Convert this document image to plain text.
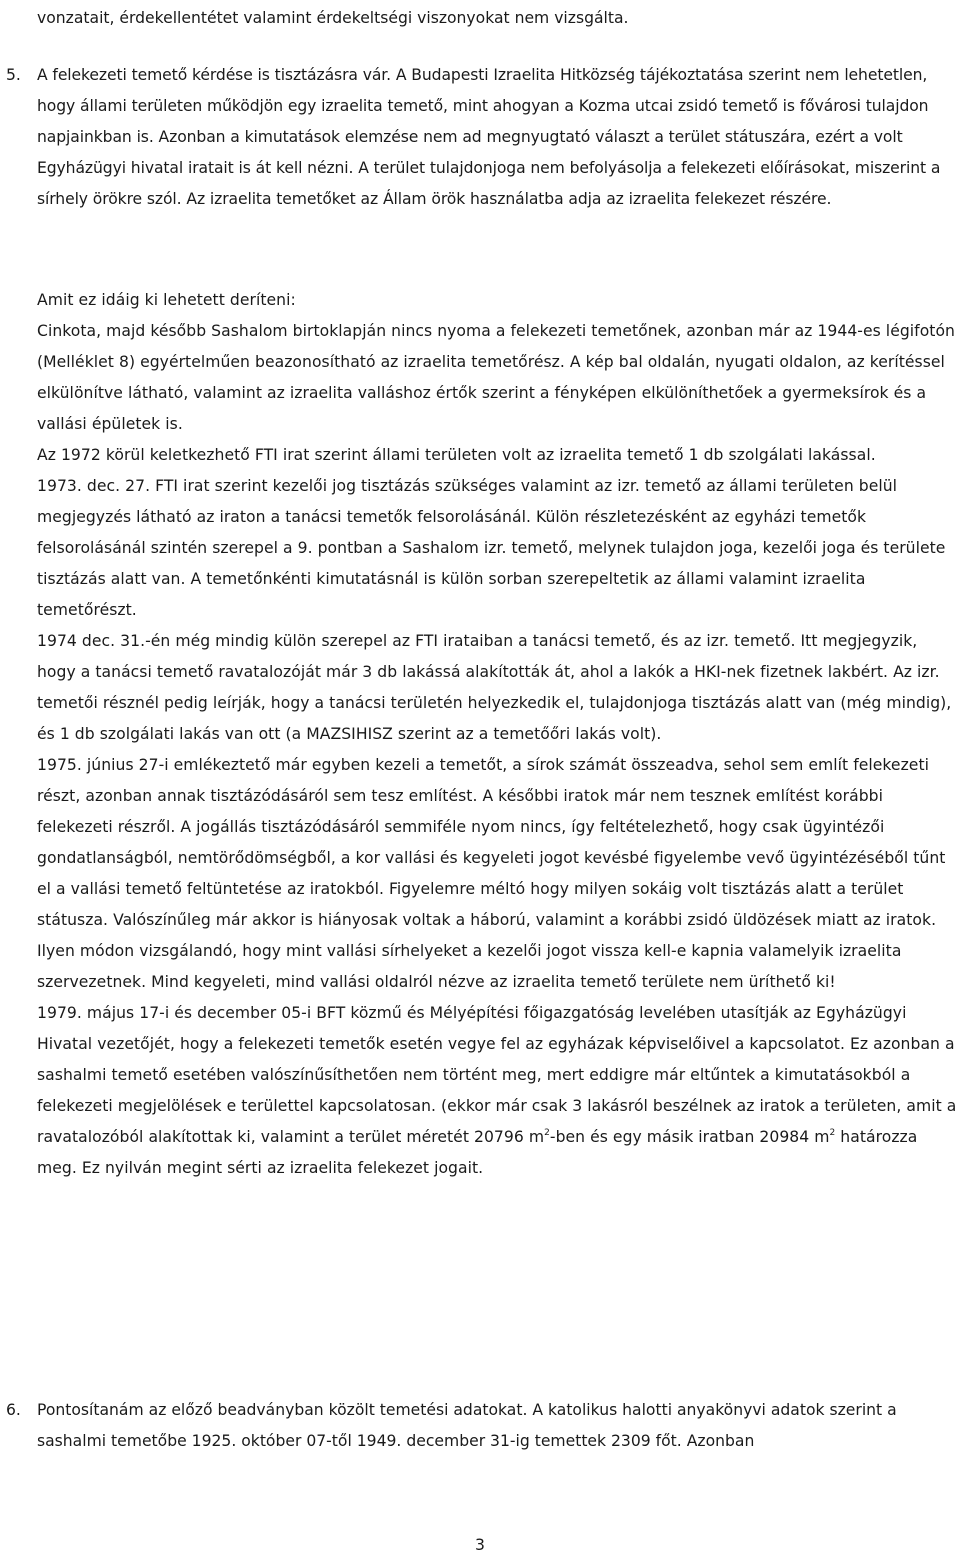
vonzatait, érdekellentétet valamint érdekeltségi viszonyokat nem vizsgálta.

5. A felekezeti temető kérdése is tisztázásra vár. A Budapesti Izraelita Hitközség tájékoztatása szerint nem lehetetlen, hogy állami területen működjön egy izraelita temető, mint ahogyan a Kozma utcai zsidó temető is fővárosi tulajdon napjainkban is. Azonban a kimutatások elemzése nem ad megnyugtató választ a terület státuszára, ezért a volt Egyházügyi hivatal iratait is át kell nézni. A terület tulajdonjoga nem befolyásolja a felekezeti előírásokat, miszerint a sírhely örökre szól. Az izraelita temetőket az Állam örök használatba adja az izraelita felekezet részére.

Amit ez idáig ki lehetett deríteni:

Cinkota, majd később Sashalom birtoklapján nincs nyoma a felekezeti temetőnek, azonban már az 1944-es légifotón (Melléklet 8) egyértelműen beazonosítható az izraelita temetőrész. A kép bal oldalán, nyugati oldalon, az kerítéssel elkülönítve látható, valamint az izraelita valláshoz értők szerint a fényképen elkülöníthetőek a gyermeksírok és a vallási épületek is.

Az 1972 körül keletkezhető FTI irat szerint állami területen volt az izraelita temető 1 db szolgálati lakással.

1973. dec. 27. FTI irat szerint kezelői jog tisztázás szükséges valamint az izr. temető az állami területen belül megjegyzés látható az iraton a tanácsi temetők felsorolásánál. Külön részletezésként az egyházi temetők felsorolásánál szintén szerepel a 9. pontban a Sashalom izr. temető, melynek tulajdon joga, kezelői joga és területe tisztázás alatt van. A temetőnkénti kimutatásnál is külön sorban szerepeltetik az állami valamint izraelita temetőrészt.

1974 dec. 31.-én még mindig külön szerepel az FTI irataiban a tanácsi temető, és az izr. temető. Itt megjegyzik, hogy a tanácsi temető ravatalozóját már 3 db lakássá alakították át, ahol a lakók a HKI-nek fizetnek lakbért. Az izr. temetői résznél pedig leírják, hogy a tanácsi területén helyezkedik el, tulajdonjoga tisztázás alatt van (még mindig), és 1 db szolgálati lakás van ott (a MAZSIHISZ szerint az a temetőőri lakás volt).

1975. június 27-i emlékeztető már egyben kezeli a temetőt, a sírok számát összeadva, sehol sem említ felekezeti részt, azonban annak tisztázódásáról sem tesz említést. A későbbi iratok már nem tesznek említést korábbi felekezeti részről. A jogállás tisztázódásáról semmiféle nyom nincs, így feltételezhető, hogy csak ügyintézői gondatlanságból, nemtörődömségből, a kor vallási és kegyeleti jogot kevésbé figyelembe vevő ügyintézéséből tűnt el a vallási temető feltüntetése az iratokból. Figyelemre méltó hogy milyen sokáig volt tisztázás alatt a terület státusza. Valószínűleg már akkor is hiányosak voltak a háború, valamint a korábbi zsidó üldözések miatt az iratok. Ilyen módon vizsgálandó, hogy mint vallási sírhelyeket a kezelői jogot vissza kell-e kapnia valamelyik izraelita szervezetnek. Mind kegyeleti, mind vallási oldalról nézve az izraelita temető területe nem üríthető ki!

1979. május 17-i és december 05-i BFT közmű és Mélyépítési főigazgatóság levelében utasítják az Egyházügyi Hivatal vezetőjét, hogy a felekezeti temetők esetén vegye fel az egyházak képviselőivel a kapcsolatot. Ez azonban a sashalmi temető esetében valószínűsíthetően nem történt meg, mert eddigre már eltűntek a kimutatásokból a felekezeti megjelölések e területtel kapcsolatosan. (ekkor már csak 3 lakásról beszélnek az iratok a területen, amit a ravatalozóból alakítottak ki, valamint a terület méretét 20796 $m^2$-ben és egy másik iratban 20984 $m^2$ határozza meg. Ez nyilván megint sérti az izraelita felekezet jogait.

6. Pontosítanám az előző beadványban közölt temetési adatokat. A katolikus halotti anyakönyvi adatok szerint a sashalmi temetőbe 1925. október 07-től 1949. december 31-ig temettek 2309 főt. Azonban

3
